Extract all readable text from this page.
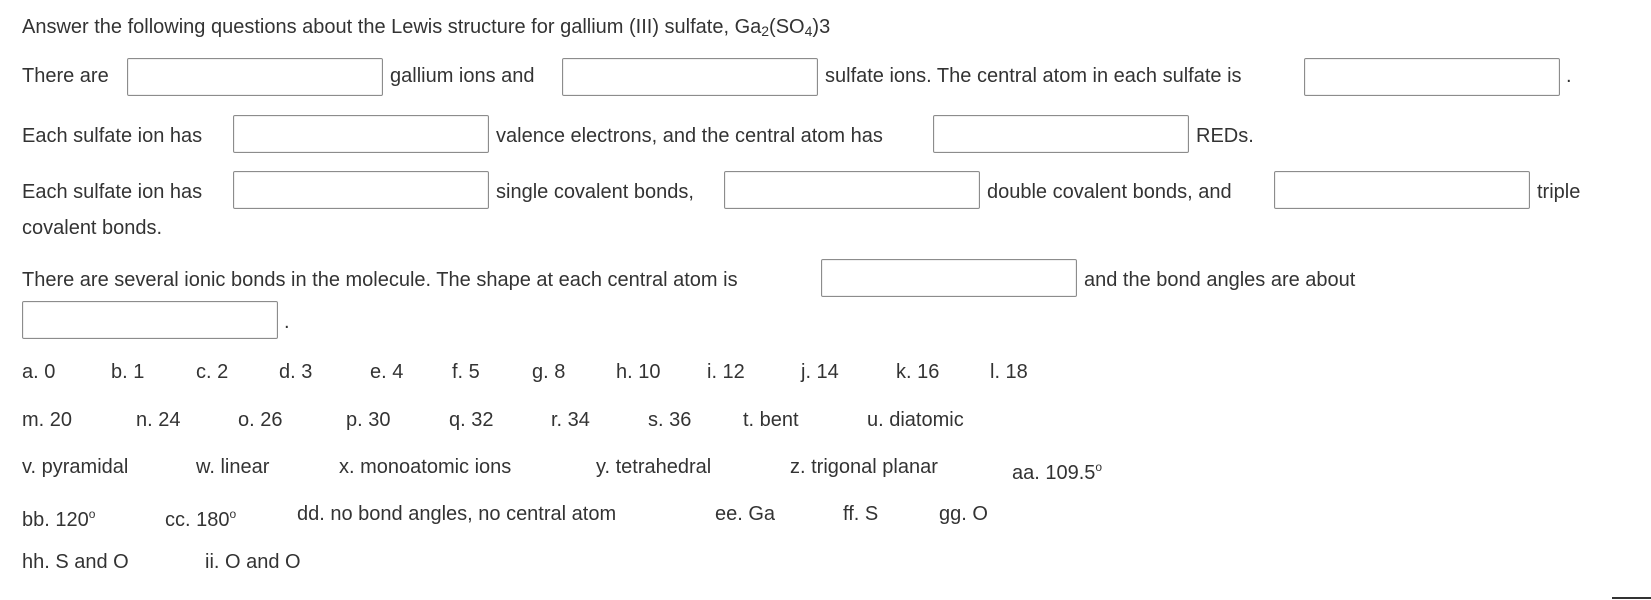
Answer the following questions about the Lewis structure for gallium (III) sulfate, $Ga_2(SO_4)3$
There are	gallium ions and	sulfate ions. The central atom in each sulfate is	.
Each sulfate ion has	valence electrons, and the central atom has	REDs.
Each sulfate ion has	single covalent bonds,	double covalent bonds, and	triple
covalent bonds.
There are several ionic bonds in the molecule. The shape at each central atom is	and the bond angles are about
.
a. 0	b. 1	c. 2	d. 3	e. 4 f. 5	g. 8	h. 10 i. 12	j. 14	k. 16	l. 18
m. 20	n. 24	o. 26	p. 30	q. 32	r. 34	s. 36	t. bent	u. diatomic
v. pyramidal	w. linear	x. monoatomic ions	y. tetrahedral	z. trigonal planar	aa. 109.5$^o$
bb. 120$^o$	cc. 180$^o$	dd. no bond angles, no central atom	ee. Ga	ff. S	gg. O
hh. S and O	ii. O and O
